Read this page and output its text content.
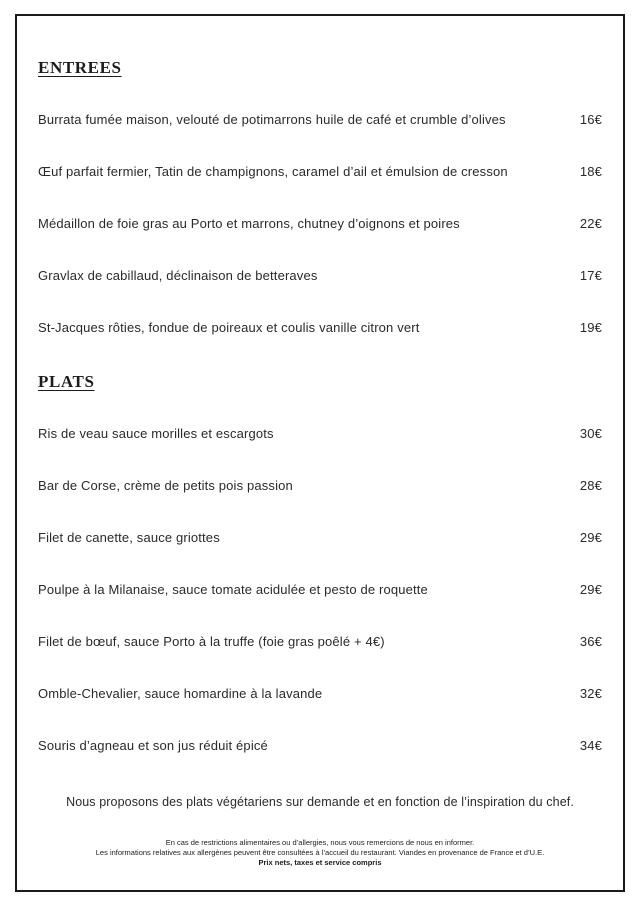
ENTREES
Burrata fumée maison, velouté de potimarrons huile de café et crumble d’olives	16€
Œuf parfait fermier, Tatin de champignons, caramel d’ail et émulsion de cresson	18€
Médaillon de foie gras au Porto et marrons, chutney d’oignons et poires	22€
Gravlax de cabillaud, déclinaison de betteraves	17€
St-Jacques rôties, fondue de poireaux et coulis vanille citron vert	19€
PLATS
Ris de veau sauce morilles et escargots	30€
Bar de Corse, crème de petits pois passion	28€
Filet de canette, sauce griottes	29€
Poulpe à la Milanaise, sauce tomate acidulée et pesto de roquette	29€
Filet de bœuf, sauce Porto à la truffe (foie gras poêlé + 4€)	36€
Omble-Chevalier, sauce homardine à la lavande	32€
Souris d’agneau et son jus réduit épicé	34€
Nous proposons des plats végétariens sur demande et en fonction de l’inspiration du chef.
En cas de restrictions alimentaires ou d’allergies, nous vous remercions de nous en informer.
Les informations relatives aux allergènes peuvent être consultées à l’accueil du restaurant. Viandes en provenance de France et d’U.E.
Prix nets, taxes et service compris
